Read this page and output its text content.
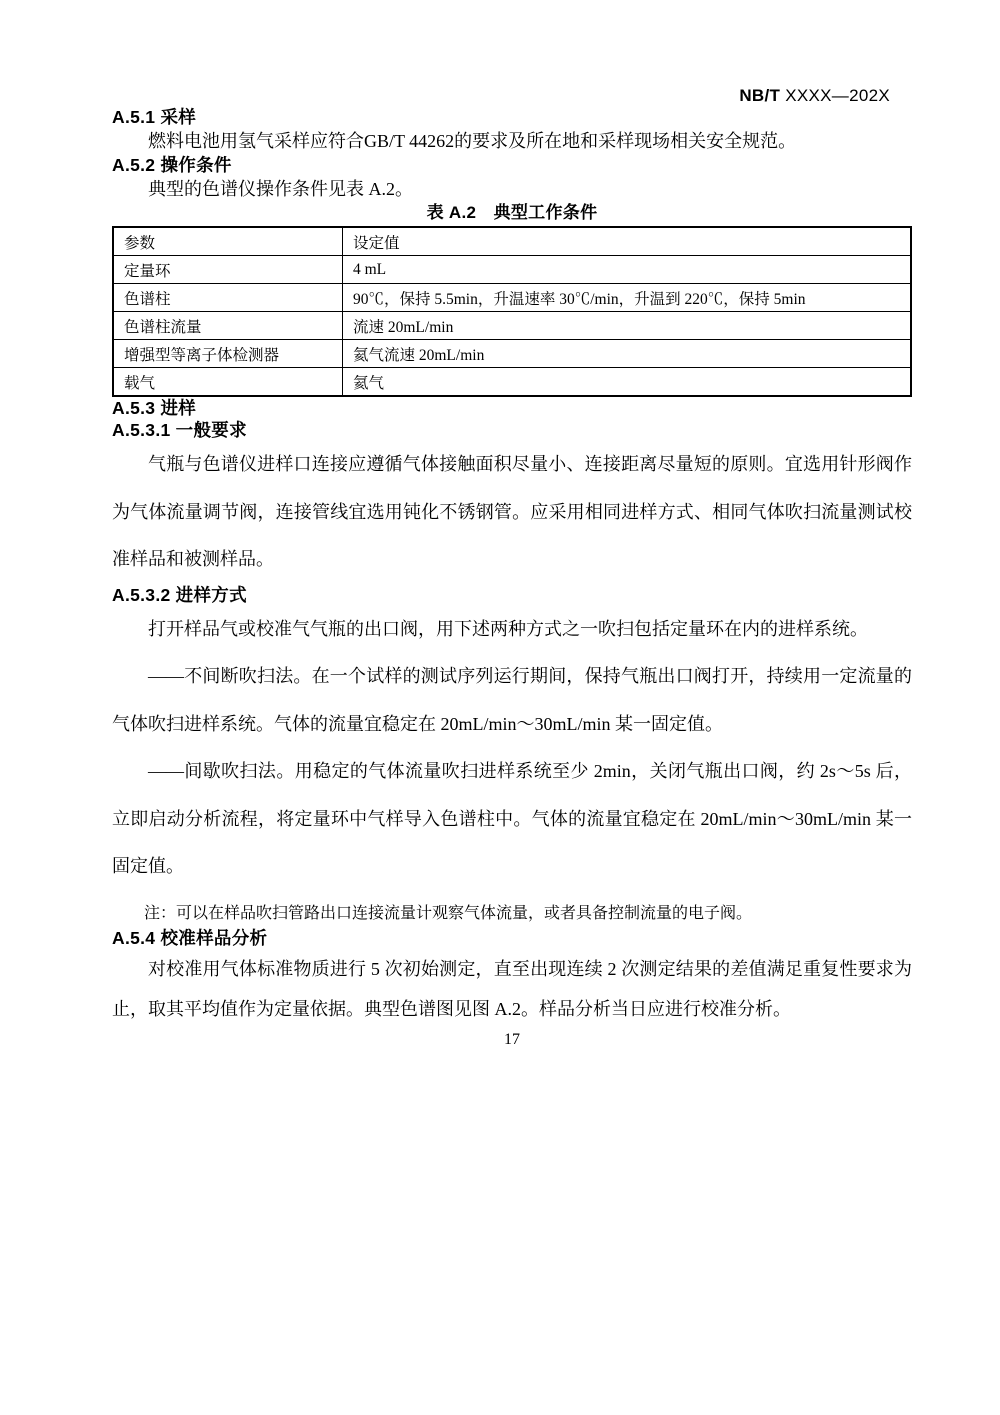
NB/T XXXX—202X
A.5.1 采样

燃料电池用氢气采样应符合GB/T 44262的要求及所在地和采样现场相关安全规范。

A.5.2 操作条件

典型的色谱仪操作条件见表 A.2。

表 A.2　典型工作条件
参数	设定值
定量环	4 mL
色谱柱	90℃，保持 5.5min，升温速率 30℃/min，升温到 220℃，保持 5min
色谱柱流量	流速 20mL/min
增强型等离子体检测器	氦气流速 20mL/min
载气	氦气
A.5.3 进样
A.5.3.1 一般要求

气瓶与色谱仪进样口连接应遵循气体接触面积尽量小、连接距离尽量短的原则。宜选用针形阀作为气体流量调节阀，连接管线宜选用钝化不锈钢管。应采用相同进样方式、相同气体吹扫流量测试校准样品和被测样品。

A.5.3.2 进样方式

打开样品气或校准气气瓶的出口阀，用下述两种方式之一吹扫包括定量环在内的进样系统。

——不间断吹扫法。在一个试样的测试序列运行期间，保持气瓶出口阀打开，持续用一定流量的气体吹扫进样系统。气体的流量宜稳定在 20mL/min～30mL/min 某一固定值。

——间歇吹扫法。用稳定的气体流量吹扫进样系统至少 2min，关闭气瓶出口阀，约 2s～5s 后，立即启动分析流程，将定量环中气样导入色谱柱中。气体的流量宜稳定在 20mL/min～30mL/min 某一固定值。

注：可以在样品吹扫管路出口连接流量计观察气体流量，或者具备控制流量的电子阀。

A.5.4 校准样品分析

对校准用气体标准物质进行 5 次初始测定，直至出现连续 2 次测定结果的差值满足重复性要求为止，取其平均值作为定量依据。典型色谱图见图 A.2。样品分析当日应进行校准分析。

17
